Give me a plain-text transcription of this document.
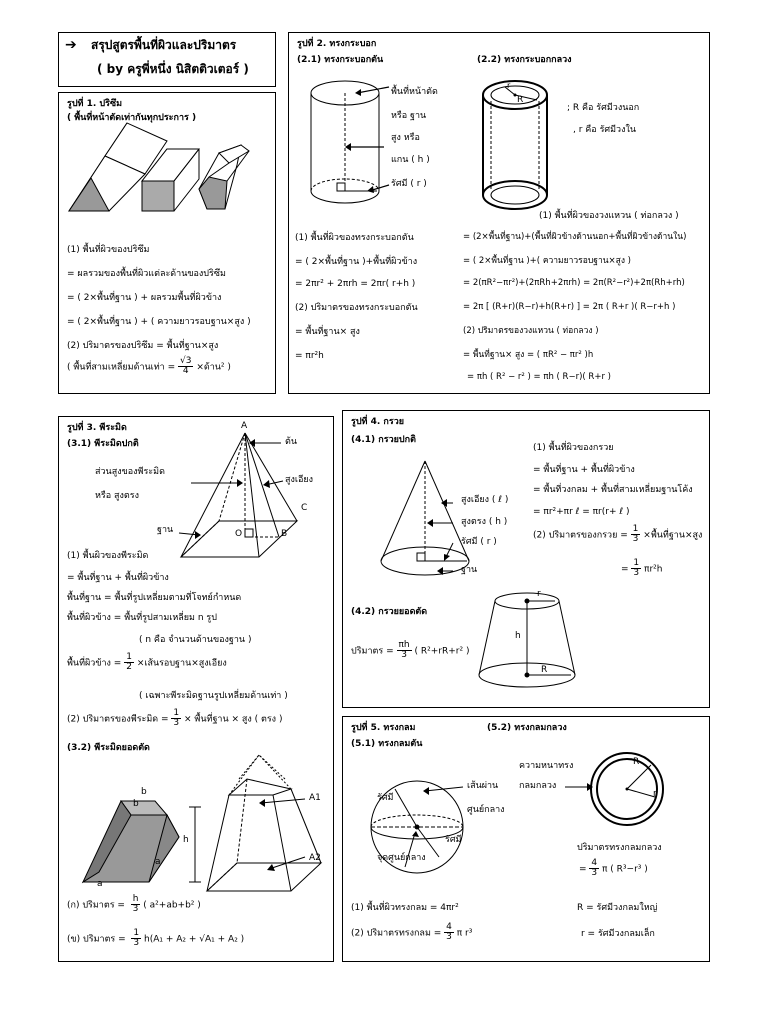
➔ สรุปสูตรพื้นที่ผิวและปริมาตร
( by ครูพี่หนึ่ง นิสิตติวเตอร์ )
รูปที่ 1. ปริซึม
( พื้นที่หน้าตัดเท่ากันทุกประการ )
(1) พื้นที่ผิวของปริซึม
= ผลรวมของพื้นที่ผิวแต่ละด้านของปริซึม
= ( 2×พื้นที่ฐาน ) + ผลรวมพื้นที่ผิวข้าง
= ( 2×พื้นที่ฐาน ) + ( ความยาวรอบฐาน×สูง )
(2) ปริมาตรของปริซึม = พื้นที่ฐาน×สูง
( พื้นที่สามเหลี่ยมด้านเท่า = $\frac{√3}{4}$ ×ด้าน² )
รูปที่ 2. ทรงกระบอก
(2.1) ทรงกระบอกตัน	(2.2) ทรงกระบอกกลวง
พื้นที่หน้าตัด
หรือ ฐาน
สูง หรือ
แกน ( h )
รัศมี ( r )
r
R
; R คือ รัศมีวงนอก
, r คือ รัศมีวงใน
(1) พื้นที่ผิวของวงแหวน ( ท่อกลวง )
(1) พื้นที่ผิวของทรงกระบอกตัน
= ( 2×พื้นที่ฐาน )+พื้นที่ผิวข้าง
= 2πr² + 2πrh = 2πr( r+h )
(2) ปริมาตรของทรงกระบอกตัน
= พื้นที่ฐาน× สูง
= πr²h
= (2×พื้นที่ฐาน)+(พื้นที่ผิวข้างด้านนอก+พื้นที่ผิวข้างด้านใน)
= ( 2×พื้นที่ฐาน )+( ความยาวรอบฐาน×สูง )
= 2(πR²−πr²)+(2πRh+2πrh) = 2π(R²−r²)+2π(Rh+rh)
= 2π [ (R+r)(R−r)+h(R+r) ] = 2π ( R+r )( R−r+h )
(2) ปริมาตรของวงแหวน ( ท่อกลวง )
= พื้นที่ฐาน× สูง = ( πR² − πr² )h
= πh ( R² − r² ) = πh ( R−r)( R+r )
รูปที่ 3. พีระมิด
(3.1) พีระมิดปกติ
A
ต้น
ส่วนสูงของพีระมิด
หรือ สูงตรง
สูงเอียง
C
ฐาน	O	B
(1) พื้นผิวของพีระมิด
= พื้นที่ฐาน + พื้นที่ผิวข้าง
พื้นที่ฐาน = พื้นที่รูปเหลี่ยมตามที่โจทย์กำหนด
พื้นที่ผิวข้าง = พื้นที่รูปสามเหลี่ยม n รูป
( n คือ จำนวนด้านของฐาน )
พื้นที่ผิวข้าง = $\frac{1}{2}$ ×เส้นรอบฐาน×สูงเอียง
( เฉพาะพีระมิดฐานรูปเหลี่ยมด้านเท่า )
(2) ปริมาตรของพีระมิด = $\frac{1}{3}$ × พื้นที่ฐาน × สูง ( ตรง )
(3.2) พีระมิดยอดตัด
b
b
h
a
a
A1
A2
(ก) ปริมาตร = $\frac{h}{3}$ ( a²+ab+b² )
(ข) ปริมาตร = $\frac{1}{3} h(A_1 + A_2 + √A_1 + A_2$ )
รูปที่ 4. กรวย
(4.1) กรวยปกติ
สูงเอียง ( ℓ )
สูงตรง ( h )
รัศมี ( r )
ฐาน
(1) พื้นที่ผิวของกรวย
= พื้นที่ฐาน + พื้นที่ผิวข้าง
= พื้นที่วงกลม + พื้นที่สามเหลี่ยมฐานโค้ง
= πr²+πr ℓ = πr(r+ ℓ )
(2) ปริมาตรของกรวย = $\frac{1}{3}$ ×พื้นที่ฐาน×สูง
= $\frac{1}{3} \pi r^2h$
(4.2) กรวยยอดตัด
ปริมาตร = $\frac{\pi h}{3}$ ( R²+rR+r² )
r
h
R
รูปที่ 5. ทรงกลม	(5.2) ทรงกลมกลวง
(5.1) ทรงกลมตัน
รัศมี
เส้นผ่าน
ศูนย์กลาง
รัศมี
จุดศูนย์กลาง
ความหนาทรง
กลมกลวง
R
r
ปริมาตรทรงกลมกลวง
= $\frac{4}{3}$ π ( R³−r³ )
(1) พื้นที่ผิวทรงกลม = 4πr²
(2) ปริมาตรทรงกลม = $\frac{4}{3}$ π r³
R = รัศมีวงกลมใหญ่
r = รัศมีวงกลมเล็ก
